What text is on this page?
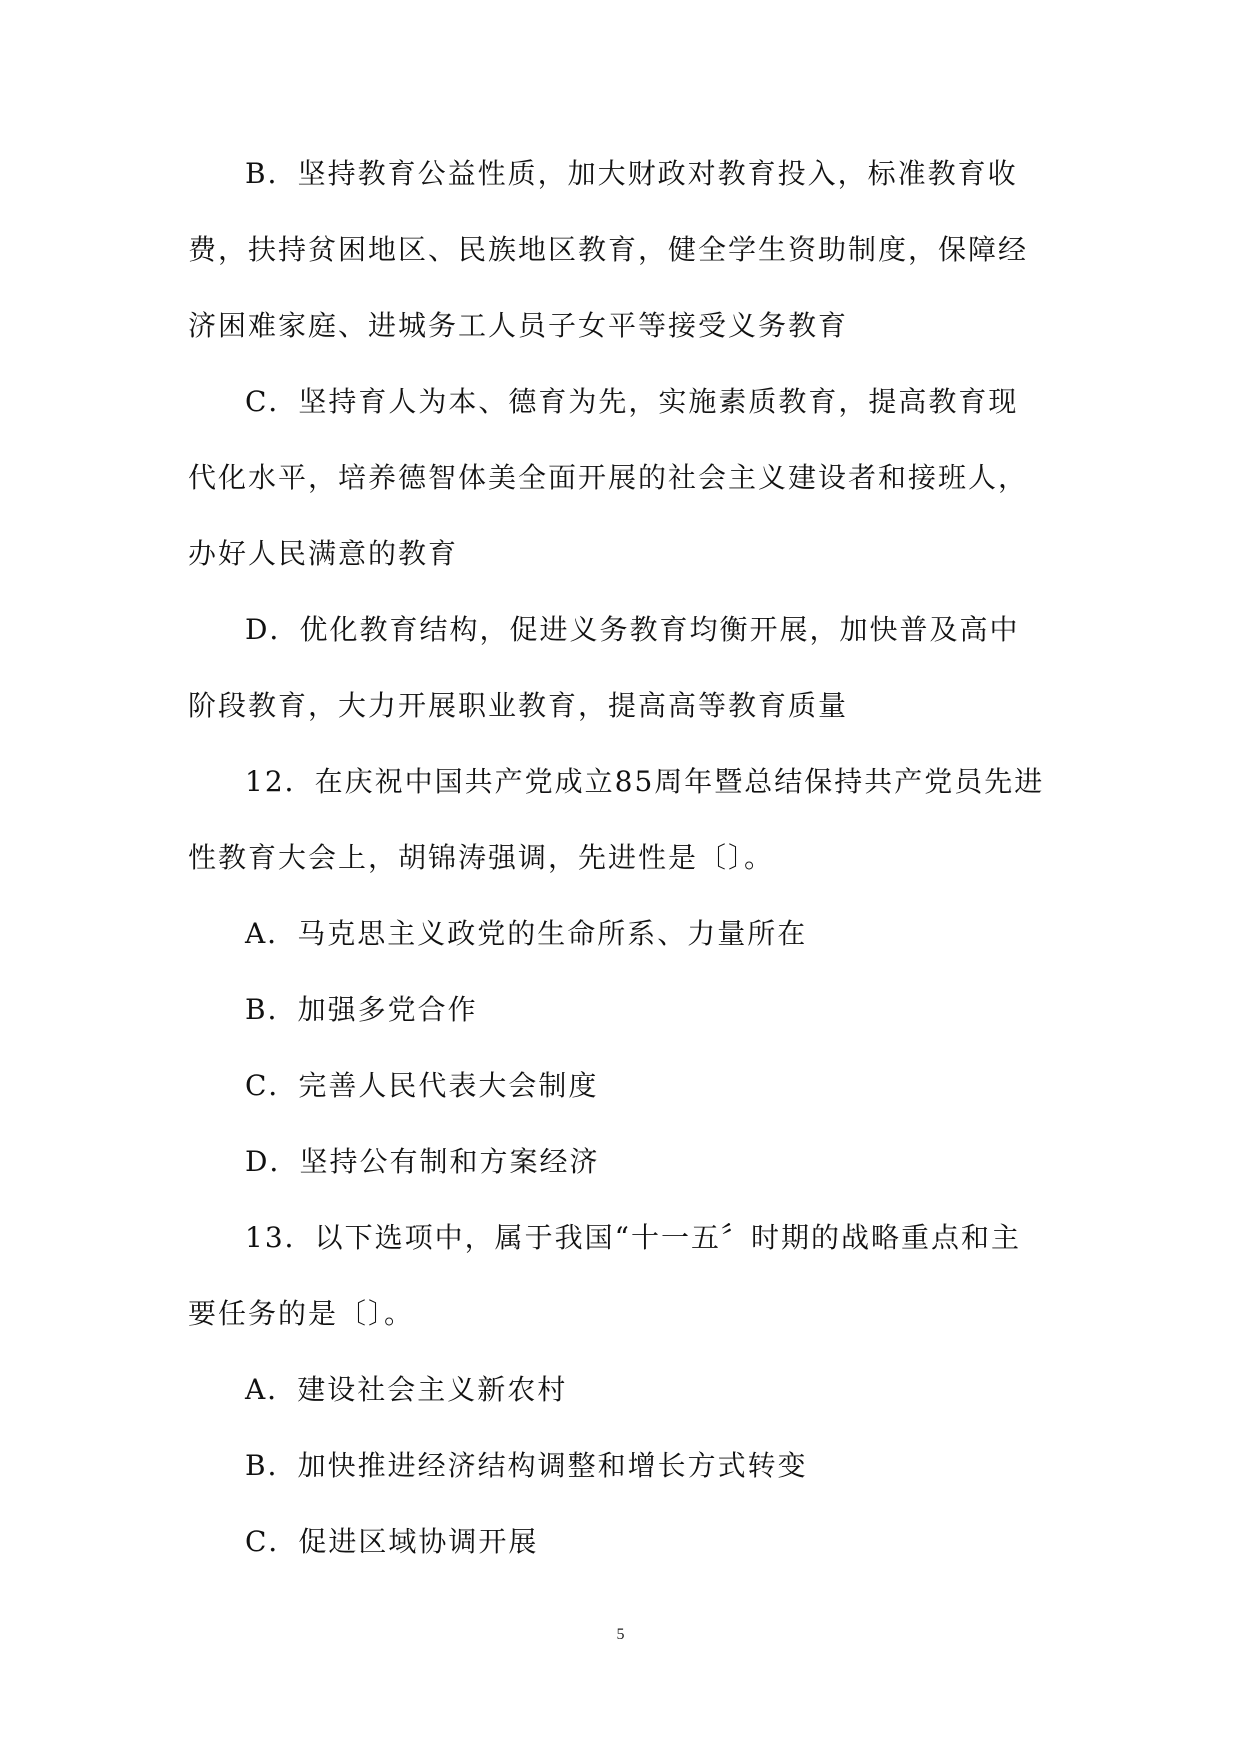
B．坚持教育公益性质，加大财政对教育投入，标准教育收费，扶持贫困地区、民族地区教育，健全学生资助制度，保障经济困难家庭、进城务工人员子女平等接受义务教育

C．坚持育人为本、德育为先，实施素质教育，提高教育现代化水平，培养德智体美全面开展的社会主义建设者和接班人，办好人民满意的教育

D．优化教育结构，促进义务教育均衡开展，加快普及高中阶段教育，大力开展职业教育，提高高等教育质量

12．在庆祝中国共产党成立85周年暨总结保持共产党员先进性教育大会上，胡锦涛强调，先进性是〔〕。

A．马克思主义政党的生命所系、力量所在

B．加强多党合作

C．完善人民代表大会制度

D．坚持公有制和方案经济

13．以下选项中，属于我国“十一五〞时期的战略重点和主要任务的是〔〕。

A．建设社会主义新农村

B．加快推进经济结构调整和增长方式转变

C．促进区域协调开展

5
